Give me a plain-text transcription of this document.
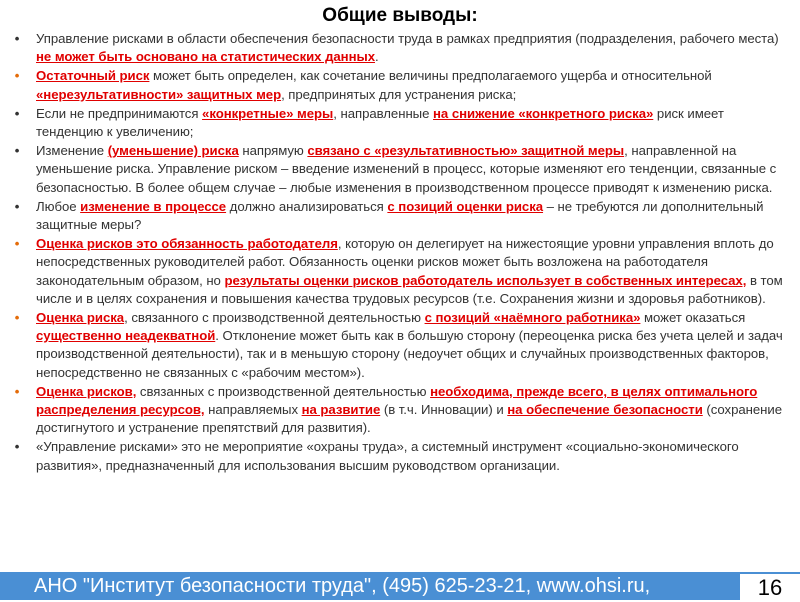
Общие выводы:
•	Управление рисками в области обеспечения безопасности труда в рамках предприятия (подразделения, рабочего места) не может быть основано на статистических данных.
•	Остаточный риск может быть определен, как сочетание величины предполагаемого ущерба и относительной «нерезультативности» защитных мер, предпринятых для устранения риска;
•	Если не предпринимаются «конкретные» меры, направленные на снижение «конкретного риска» риск имеет тенденцию к увеличению;
•	Изменение (уменьшение) риска напрямую связано с «результативностью» защитной меры, направленной на уменьшение риска. Управление риском – введение изменений в процесс, которые изменяют его тенденции, связанные с безопасностью. В более общем случае – любые изменения в производственном процессе приводят к изменению риска.
•	Любое изменение в процессе должно анализироваться с позиций оценки риска – не требуются ли дополнительный защитные меры?
•	Оценка рисков это обязанность работодателя, которую он делегирует на нижестоящие уровни управления вплоть до непосредственных руководителей работ. Обязанность оценки рисков может быть возложена на работодателя законодательным образом, но результаты оценки рисков работодатель использует в собственных интересах, в том числе и в целях сохранения и повышения качества трудовых ресурсов (т.е. Сохранения жизни и здоровья работников).
•	Оценка риска, связанного с производственной деятельностью с позиций «наёмного работника» может оказаться существенно неадекватной. Отклонение может быть как в большую сторону (переоценка риска без учета целей и задач производственной деятельности), так и в меньшую сторону (недоучет общих и случайных производственных факторов, непосредственно не связанных с «рабочим местом»).
•	Оценка рисков, связанных с производственной деятельностью необходима, прежде всего, в целях оптимального распределения ресурсов, направляемых на развитие (в т.ч. Инновации) и на обеспечение безопасности (сохранение достигнутого и устранение препятствий для развития).
•	«Управление рисками» это не мероприятие «охраны труда», а системный инструмент «социально-экономического развития», предназначенный для использования высшим руководством организации.
АНО "Институт безопасности труда", (495) 625-23-21, www.ohsi.ru,	16
